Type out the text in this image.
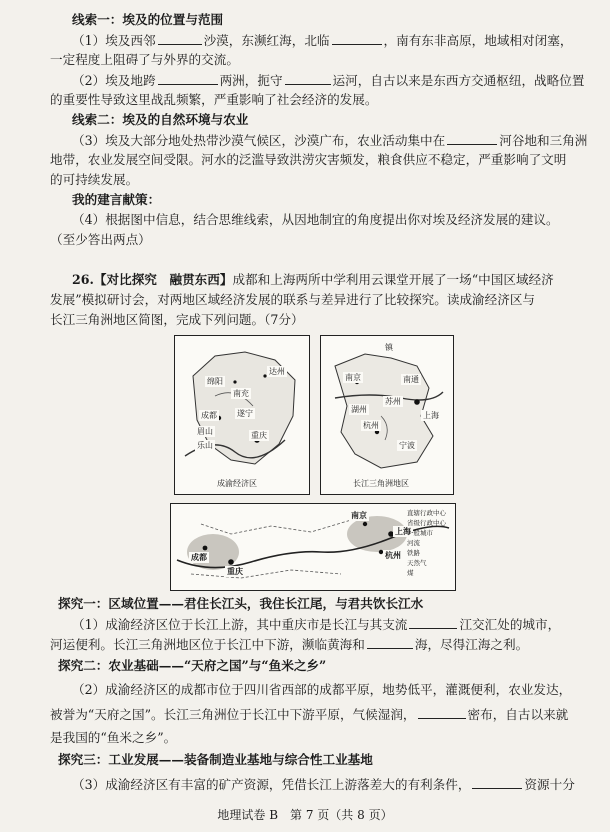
线索一：埃及的位置与范围
（1）埃及西邻	沙漠，东濒红海，北临	，南有东非高原，地域相对闭塞，
一定程度上阻碍了与外界的交流。
（2）埃及地跨	两洲，扼守	运河，自古以来是东西方交通枢纽，战略位置
的重要性导致这里战乱频繁，严重影响了社会经济的发展。
线索二：埃及的自然环境与农业
（3）埃及大部分地处热带沙漠气候区，沙漠广布，农业活动集中在	河谷地和三角洲
地带，农业发展空间受限。河水的泛滥导致洪涝灾害频发，粮食供应不稳定，严重影响了文明
的可持续发展。
我的建言献策：
（4）根据图中信息，结合思维线索，从因地制宜的角度提出你对埃及经济发展的建议。
（至少答出两点）
26.【对比探究　融贯东西】成都和上海两所中学利用云课堂开展了一场“中国区域经济
发展”模拟研讨会，对两地区域经济发展的联系与差异进行了比较探究。读成渝经济区与
长江三角洲地区简图，完成下列问题。（7分）
绵阳
成都
南充
达州
遂宁
眉山
乐山
重庆
成渝经济区
镇
南京	南通
上海
苏州
杭州
湖州
宁波
长江三角洲地区
成都
重庆
南京
上海
杭州
直辖行政中心
省级行政中心
一般城市
河流
铁路
天然气
煤
探究一：区域位置——君住长江头，我住长江尾，与君共饮长江水
（1）成渝经济区位于长江上游，其中重庆市是长江与其支流	江交汇处的城市，
河运便利。长江三角洲地区位于长江中下游，濒临黄海和	海，尽得江海之利。
探究二：农业基础——“天府之国”与“鱼米之乡”
（2）成渝经济区的成都市位于四川省西部的成都平原，地势低平，灌溉便利，农业发达，
被誉为“天府之国”。长江三角洲位于长江中下游平原，气候湿润，	密布，自古以来就
是我国的“鱼米之乡”。
探究三：工业发展——装备制造业基地与综合性工业基地
（3）成渝经济区有丰富的矿产资源，凭借长江上游落差大的有利条件，	资源十分
地理试卷 B　第 7 页（共 8 页）
